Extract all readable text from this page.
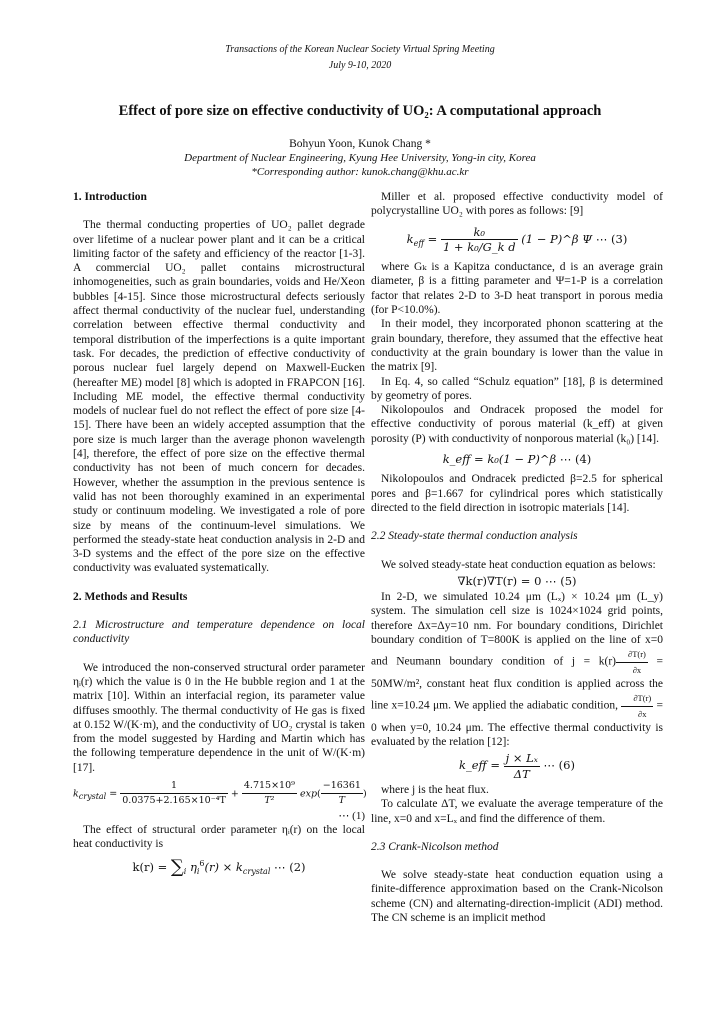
Transactions of the Korean Nuclear Society Virtual Spring Meeting
July 9-10, 2020
Effect of pore size on effective conductivity of UO₂: A computational approach
Bohyun Yoon, Kunok Chang *
Department of Nuclear Engineering, Kyung Hee University, Yong-in city, Korea
*Corresponding author: kunok.chang@khu.ac.kr

1. Introduction

The thermal conducting properties of UO₂ pallet degrade over lifetime of a nuclear power plant and it can be a critical limiting factor of the safety and efficiency of the reactor [1-3]. A commercial UO₂ pallet contains microstructural inhomogeneities, such as grain boundaries, voids and He/Xeon bubbles [4-15]. Since those microstructural defects seriously affect thermal conductivity of the nuclear fuel, understanding correlation between effective thermal conductivity and temporal distribution of the imperfections is a quite important task. For decades, the prediction of effective conductivity of porous nuclear fuel largely depend on Maxwell-Eucken (hereafter ME) model [8] which is adopted in FRAPCON [16]. Including ME model, the effective thermal conductivity models of nuclear fuel do not reflect the effect of pore size [4-15]. There have been an widely accepted assumption that the pore size is much larger than the average phonon wavelength [4], therefore, the effect of pore size on the effective thermal conductivity has not been of much concern for decades. However, whether the assumption in the previous sentence is valid has not been thoroughly examined in an experimental study or continuum modeling. We investigated a role of pore size by means of the continuum-level simulations. We performed the steady-state heat conduction analysis in 2-D and 3-D systems and the effect of the pore size on the effective conductivity was evaluated systematically.

2. Methods and Results

2.1 Microstructure and temperature dependence on local conductivity

We introduced the non-conserved structural order parameter ηᵢ(r) which the value is 0 in the He bubble region and 1 at the matrix [10]. Within an interfacial region, its parameter value diffuses smoothly. The thermal conductivity of He gas is fixed at 0.152 W/(K·m), and the conductivity of UO₂ crystal is taken from the model suggested by Harding and Martin which has the following temperature dependence in the unit of W/(K·m) [17].

$k_{crystal} = \frac{1}{\text{0.0375+2.165×10⁻⁴T}} + \frac{\text{4.715×10⁹}}{\text{T²}} \exp( \frac{-16361}{T}$ )
⋯ (1)

The effect of structural order parameter ηᵢ(r) on the local heat conductivity is

$k(r) = \sum_i$ $\eta_i^6(r) \times k_{crystal}$ ⋯ (2)

Miller et al. proposed effective conductivity model of polycrystalline UO₂ with pores as follows: [9]

$k_{eff} = \frac{\text{k₀}}{\text{1 + k₀/G\_k d}} (1$ − P)^β Ψ ⋯ (3)

where Gₖ is a Kapitza conductance, d is an average grain diameter, β is a fitting parameter and Ψ=1-P is a correlation factor that relates 2-D to 3-D heat transport in porous media (for P<10.0%).

In their model, they incorporated phonon scattering at the grain boundary, therefore, they assumed that the effective heat conductivity at the grain boundary is lower than the value in the matrix [9].

In Eq. 4, so called “Schulz equation” [18], β is determined by geometry of pores.

Nikolopoulos and Ondracek proposed the model for effective conductivity of porous material (k_eff) at given porosity (P) with conductivity of nonporous material (k₀) [14].

k_eff = k₀(1 − P)^β ⋯ (4)

Nikolopoulos and Ondracek predicted β=2.5 for spherical pores and β=1.667 for cylindrical pores which statistically directed to the field direction in isotropic materials [14].

2.2 Steady-state thermal conduction analysis

We solved steady-state heat conduction equation as belows:

∇k(r)∇T(r) = 0 ⋯ (5)

In 2-D, we simulated 10.24 μm (Lₓ) × 10.24 μm (L_y) system. The simulation cell size is 1024×1024 grid points, therefore Δx=Δy=10 nm. For boundary conditions, Dirichlet boundary condition of T=800K is applied on the line of x=0 and Neumann boundary condition of $j = k(r) \frac{\partial T(r)}{\partial x} = 50MW/m^2$, constant heat flux condition is applied across the line x=10.24 μm. We applied the adiabatic condition, $\frac{\partial T(r)}{\partial x} = 0$ when y=0, 10.24 μm. The effective thermal conductivity is evaluated by the relation [12]:

k_eff = $\frac{\text{j × Lₓ}}{\Delta T}$ ⋯ (6)

where j is the heat flux.

To calculate ΔT, we evaluate the average temperature of the line, x=0 and x=Lₓ and find the difference of them.

2.3 Crank-Nicolson method

We solve steady-state heat conduction equation using a finite-difference approximation based on the Crank-Nicolson scheme (CN) and alternating-direction-implicit (ADI) method. The CN scheme is an implicit method
